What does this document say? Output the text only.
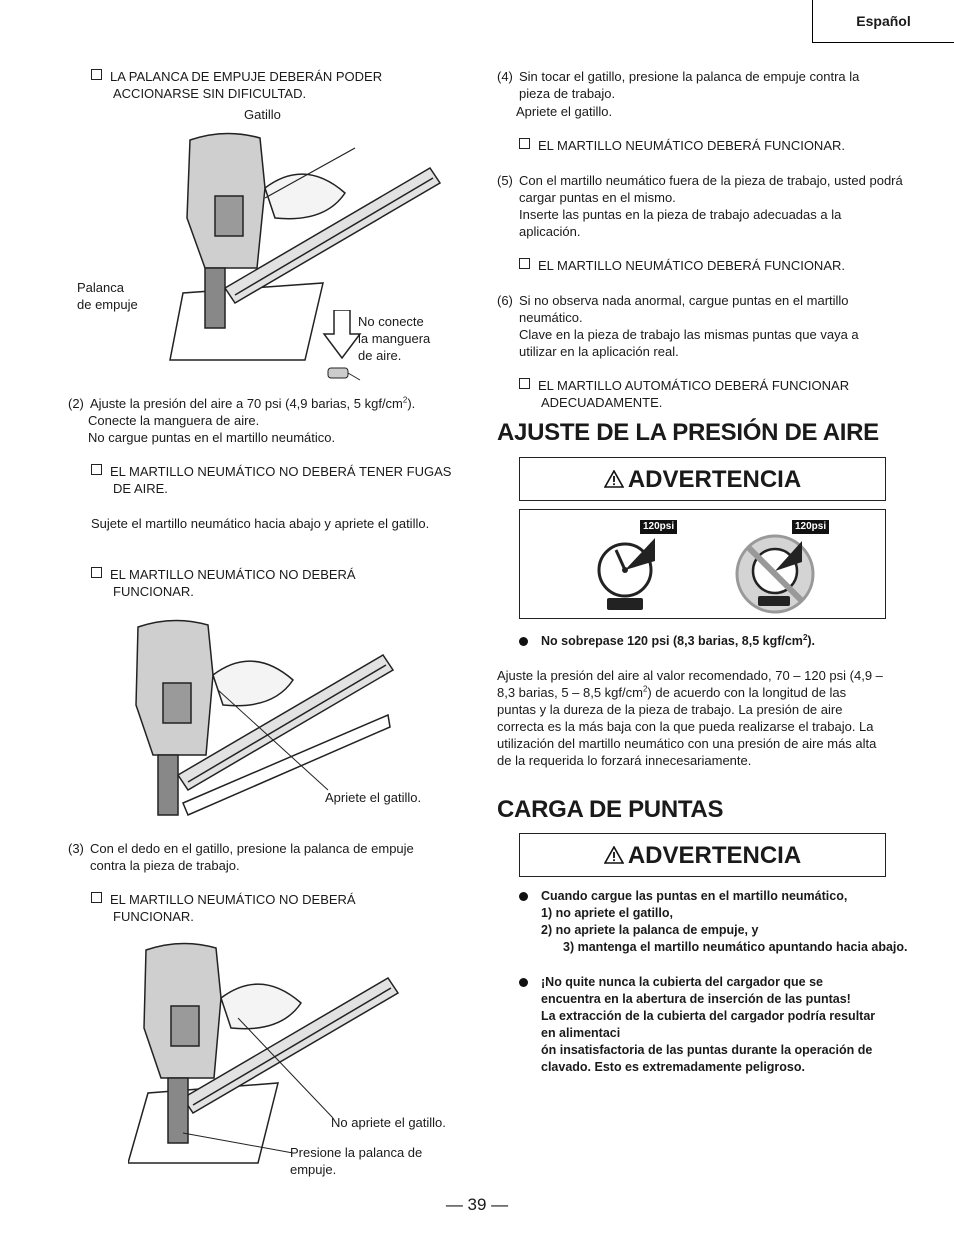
Español
LA PALANCA DE EMPUJE DEBERÁN PODER ACCIONARSE SIN DIFICULTAD.
Gatillo
Palanca
de empuje
No conecte
la manguera
de aire.
(2) Ajuste la presión del aire a 70 psi (4,9 barias, 5 kgf/$cm^2$).
Conecte la manguera de aire.
No cargue puntas en el martillo neumático.
EL MARTILLO NEUMÁTICO NO DEBERÁ TENER FUGAS DE AIRE.
Sujete el martillo neumático hacia abajo y apriete el gatillo.
EL MARTILLO NEUMÁTICO NO DEBERÁ FUNCIONAR.
Apriete el gatillo.
(3) Con el dedo en el gatillo, presione la palanca de empuje contra la pieza de trabajo.
EL MARTILLO NEUMÁTICO NO DEBERÁ FUNCIONAR.
No apriete el gatillo.
Presione la palanca de
empuje.
(4) Sin tocar el gatillo, presione la palanca de empuje contra la pieza de trabajo.
Apriete el gatillo.
EL MARTILLO NEUMÁTICO DEBERÁ FUNCIONAR.
(5) Con el martillo neumático fuera de la pieza de trabajo, usted podrá cargar puntas en el mismo.
Inserte las puntas en la pieza de trabajo adecuadas a la aplicación.
EL MARTILLO NEUMÁTICO DEBERÁ FUNCIONAR.
(6) Si no observa nada anormal, cargue puntas en el martillo neumático.
Clave en la pieza de trabajo las mismas puntas que vaya a utilizar en la aplicación real.
EL MARTILLO AUTOMÁTICO DEBERÁ FUNCIONAR ADECUADAMENTE.
AJUSTE DE LA PRESIÓN DE AIRE
ADVERTENCIA
120psi	120psi
No sobrepase 120 psi (8,3 barias, 8,5 kgf/$cm^2$).
Ajuste la presión del aire al valor recomendado, 70 – 120 psi (4,9 – 8,3 barias, 5 – 8,5 kgf/$cm^2$) de acuerdo con la longitud de las puntas y la dureza de la pieza de trabajo. La presión de aire correcta es la más baja con la que pueda realizarse el trabajo. La utilización del martillo neumático con una presión de aire más alta de la requerida lo forzará innecesariamente.
CARGA DE PUNTAS
ADVERTENCIA
Cuando cargue las puntas en el martillo neumático,
1) no apriete el gatillo,
2) no apriete la palanca de empuje, y
3) mantenga el martillo neumático apuntando hacia abajo.
¡No quite nunca la cubierta del cargador que se encuentra en la abertura de inserción de las puntas!
La extracción de la cubierta del cargador podría resultar en alimentaci
ón insatisfactoria de las puntas durante la operación de clavado. Esto es extremadamente peligroso.
— 39 —
